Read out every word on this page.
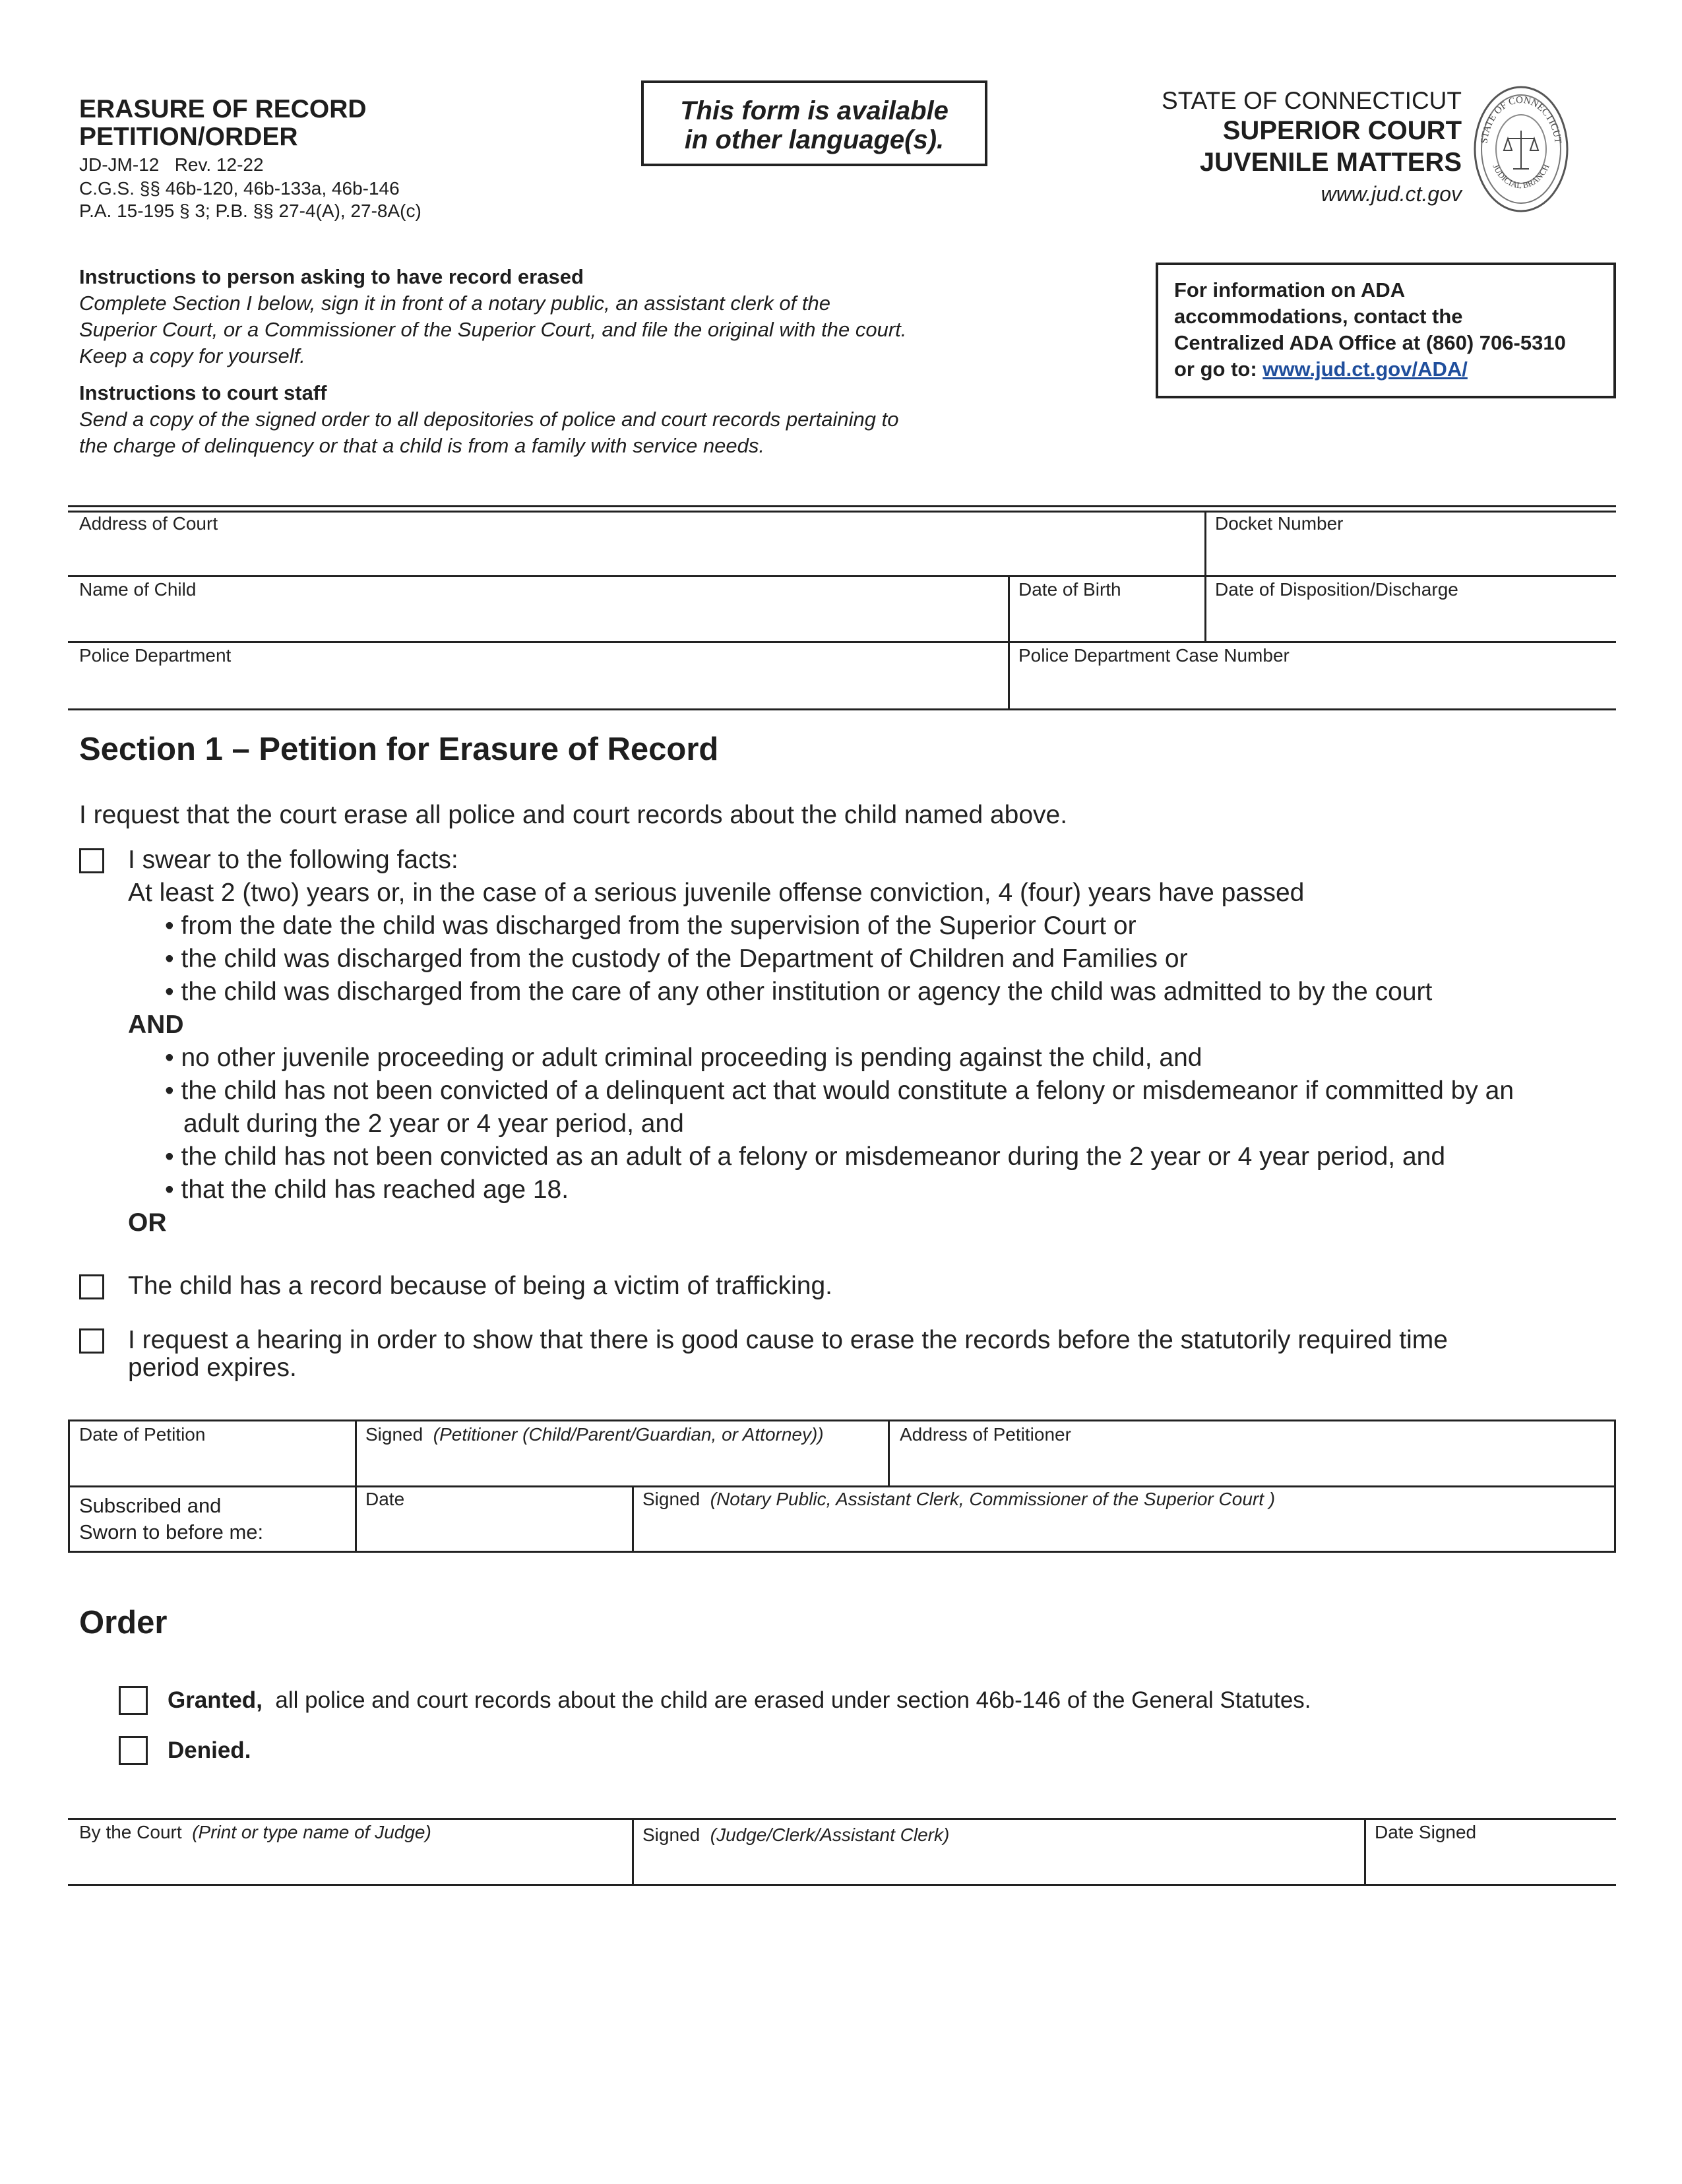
ERASURE OF RECORD
PETITION/ORDER
JD-JM-12 Rev. 12-22
C.G.S. §§ 46b-120, 46b-133a, 46b-146
P.A. 15-195 § 3; P.B. §§ 27-4(A), 27-8A(c)
This form is available
in other language(s).
STATE OF CONNECTICUT
SUPERIOR COURT
JUVENILE MATTERS
www.jud.ct.gov
STATE OF CONNECTICUT
JUDICIAL BRANCH
Instructions to person asking to have record erased
Complete Section I below, sign it in front of a notary public, an assistant clerk of the
Superior Court, or a Commissioner of the Superior Court, and file the original with the court.
Keep a copy for yourself.
Instructions to court staff
Send a copy of the signed order to all depositories of police and court records pertaining to
the charge of delinquency or that a child is from a family with service needs.
For information on ADA
accommodations, contact the
Centralized ADA Office at (860) 706-5310
or go to: www.jud.ct.gov/ADA/
Address of Court	Docket Number
Name of Child	Date of Birth	Date of Disposition/Discharge
Police Department	Police Department Case Number
Section 1 – Petition for Erasure of Record
I request that the court erase all police and court records about the child named above.
I swear to the following facts:
At least 2 (two) years or, in the case of a serious juvenile offense conviction, 4 (four) years have passed
• from the date the child was discharged from the supervision of the Superior Court or
• the child was discharged from the custody of the Department of Children and Families or
• the child was discharged from the care of any other institution or agency the child was admitted to by the court
AND
• no other juvenile proceeding or adult criminal proceeding is pending against the child, and
• the child has not been convicted of a delinquent act that would constitute a felony or misdemeanor if committed by an
adult during the 2 year or 4 year period, and
• the child has not been convicted as an adult of a felony or misdemeanor during the 2 year or 4 year period, and
• that the child has reached age 18.
OR
The child has a record because of being a victim of trafficking.
I request a hearing in order to show that there is good cause to erase the records before the statutorily required time
period expires.
Date of Petition	Signed (Petitioner (Child/Parent/Guardian, or Attorney))	Address of Petitioner
Subscribed and
Sworn to before me:
Date	Signed (Notary Public, Assistant Clerk, Commissioner of the Superior Court )
Order
Granted, all police and court records about the child are erased under section 46b-146 of the General Statutes.
Denied.
By the Court (Print or type name of Judge)	Signed (Judge/Clerk/Assistant Clerk)	Date Signed
